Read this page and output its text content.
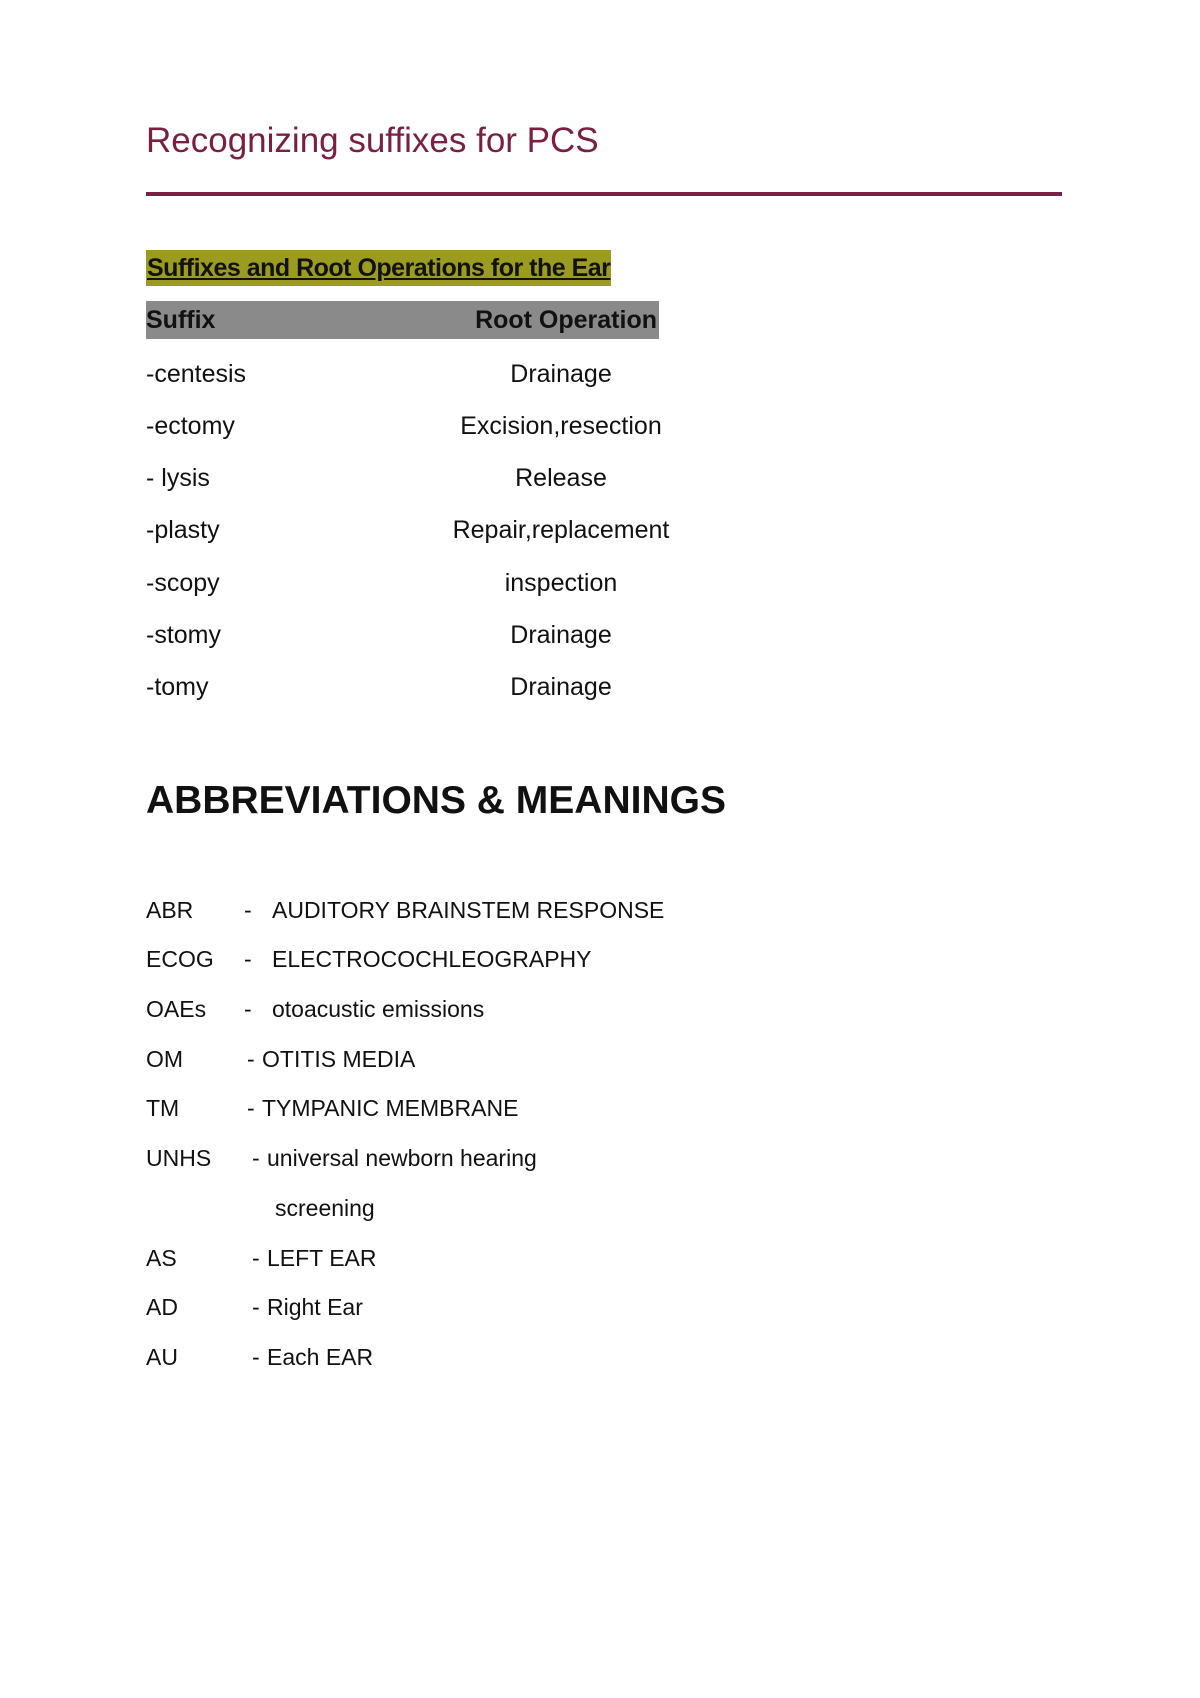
Recognizing suffixes for PCS
Suffixes and Root Operations for the Ear
Suffix	Root Operation
-centesis	Drainage
-ectomy	Excision,resection
- lysis	Release
-plasty	Repair,replacement
-scopy	inspection
-stomy	Drainage
-tomy	Drainage
ABBREVIATIONS & MEANINGS
ABR - AUDITORY BRAINSTEM RESPONSE
ECOG - ELECTROCOCHLEOGRAPHY
OAEs - otoacustic emissions
OM	- OTITIS MEDIA
TM	- TYMPANIC MEMBRANE
UNHS - universal newborn hearing
screening
AS	- LEFT EAR
AD	- Right Ear
AU	- Each EAR
